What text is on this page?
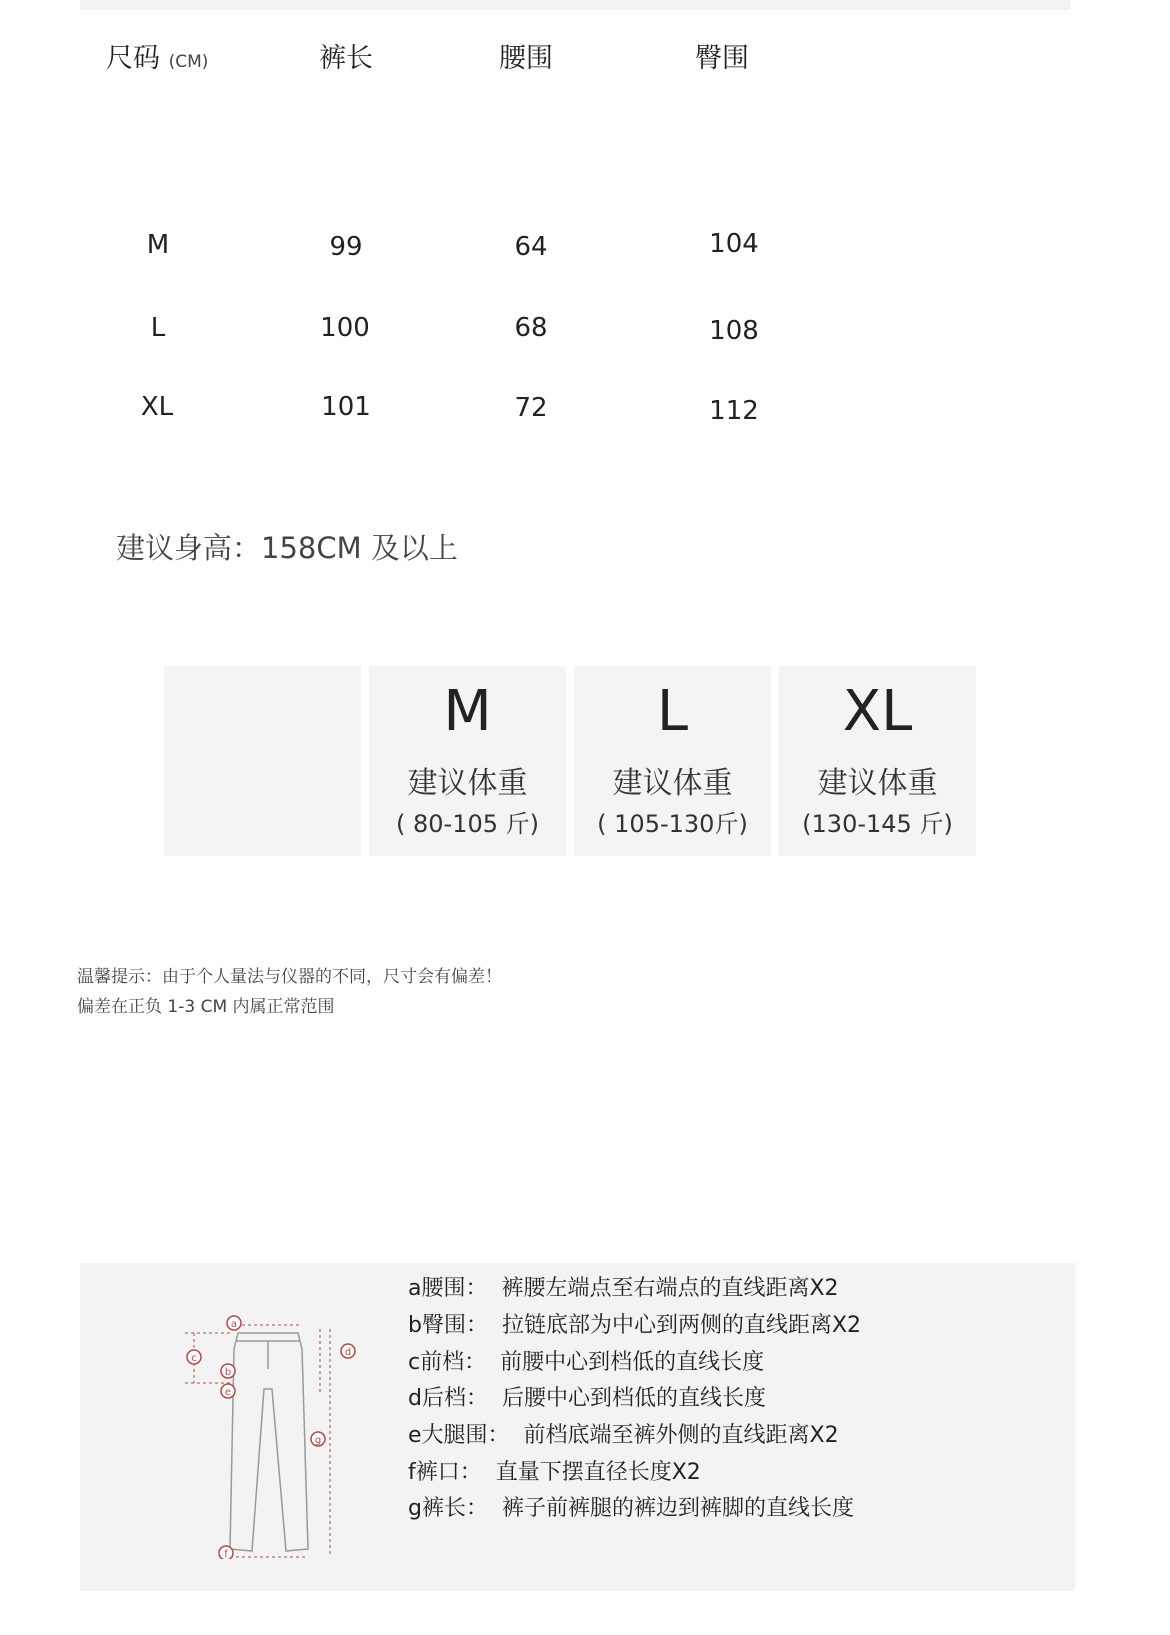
尺码 (CM)	裤长	腰围	臀围
M	99	64	104
L	100	68	108
XL	101	72	112
建议身高：158CM 及以上
M
建议体重
( 80-105 斤)
L
建议体重
( 105-130斤)
XL
建议体重
(130-145 斤)
温馨提示：由于个人量法与仪器的不同，尺寸会有偏差！
偏差在正负 1-3 CM 内属正常范围
a
b
c
d
e
f
g
a腰围：  裤腰左端点至右端点的直线距离X2
b臀围：  拉链底部为中心到两侧的直线距离X2
c前档：  前腰中心到档低的直线长度
d后档：  后腰中心到档低的直线长度
e大腿围：  前档底端至裤外侧的直线距离X2
f裤口：  直量下摆直径长度X2
g裤长：  裤子前裤腿的裤边到裤脚的直线长度
